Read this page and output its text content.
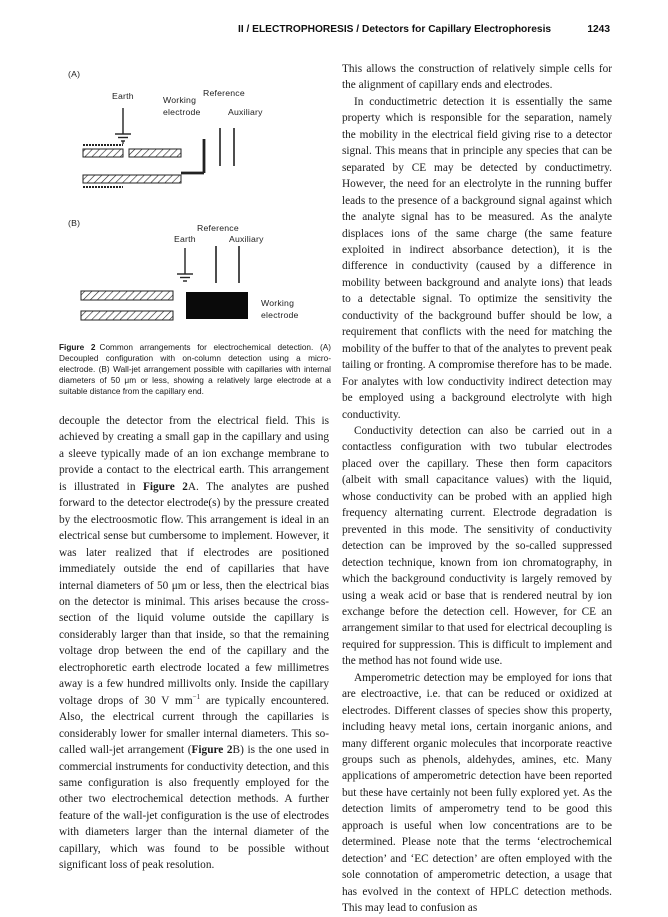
II / ELECTROPHORESIS / Detectors for Capillary Electrophoresis	1243
(A)
Earth	Reference
Working
electrode	Auxiliary
(B)	Reference
Earth	Auxiliary
Working
electrode
Figure 2 Common arrangements for electrochemical detection. (A) Decoupled configuration with on-column detection using a micro-electrode. (B) Wall-jet arrangement possible with capillaries with internal diameters of 50 μm or less, showing a relatively large electrode at a suitable distance from the capillary end.

decouple the detector from the electrical field. This is achieved by creating a small gap in the capillary and using a sleeve typically made of an ion exchange membrane to provide a contact to the electrical earth. This arrangement is illustrated in Figure 2A. The analytes are pushed forward to the detector electrode(s) by the pressure created by the electroosmotic flow. This arrangement is ideal in an electrical sense but cumbersome to implement. However, it was later realized that if electrodes are positioned immediately outside the end of capillaries that have internal diameters of 50 μm or less, then the electrical bias on the detector is minimal. This arises because the cross-section of the liquid volume outside the capillary is considerably larger than that inside, so that the remaining voltage drop between the end of the capillary and the electrophoretic earth electrode located a few millimetres away is a few hundred millivolts only. Inside the capillary voltage drops of 30 V $mm^{-1}$ are typically encountered. Also, the electrical current through the capillaries is considerably lower for smaller internal diameters. This so-called wall-jet arrangement (Figure 2B) is the one used in commercial instruments for conductivity detection, and this same configuration is also frequently employed for the other two electrochemical detection methods. A further feature of the wall-jet configuration is the use of electrodes with diameters larger than the internal diameter of the capillary, which was found to be possible without significant loss of peak resolution.

This allows the construction of relatively simple cells for the alignment of capillary ends and electrodes.

In conductimetric detection it is essentially the same property which is responsible for the separation, namely the mobility in the electrical field giving rise to a detector signal. This means that in principle any species that can be separated by CE may be detected by conductimetry. However, the need for an electrolyte in the running buffer leads to the presence of a background signal against which the analyte signal has to be measured. As the analyte displaces ions of the same charge (the same feature exploited in indirect absorbance detection), it is the difference in conductivity (caused by a difference in mobility between background and analyte ions) that leads to a detectable signal. To optimize the sensitivity the conductivity of the background buffer should be low, a requirement that conflicts with the need for matching the mobility of the buffer to that of the analytes to prevent peak tailing or fronting. A compromise therefore has to be made. For analytes with low conductivity indirect detection may be employed using a background electrolyte with high conductivity.

Conductivity detection can also be carried out in a contactless configuration with two tubular electrodes placed over the capillary. These then form capacitors (albeit with small capacitance values) with the liquid, whose conductivity can be probed with an applied high frequency alternating current. Electrode degradation is prevented in this mode. The sensitivity of conductivity detection can be improved by the so-called suppressed detection technique, known from ion chromatography, in which the background conductivity is largely removed by using a weak acid or base that is rendered neutral by ion exchange before the detection cell. However, for CE an arrangement similar to that used for electrical decoupling is required for suppression. This is difficult to implement and the method has not found wide use.

Amperometric detection may be employed for ions that are electroactive, i.e. that can be reduced or oxidized at electrodes. Different classes of species show this property, including heavy metal ions, certain inorganic anions, and many different organic molecules that incorporate reactive groups such as phenols, aldehydes, amines, etc. Many applications of amperometric detection have been reported but these have certainly not been fully explored yet. As the detection limits of amperometry tend to be good this approach is useful when low concentrations are to be determined. Please note that the terms ‘electrochemical detection’ and ‘EC detection’ are often employed with the sole connotation of amperometric detection, a usage that has evolved in the context of HPLC detection methods. This may lead to confusion as
